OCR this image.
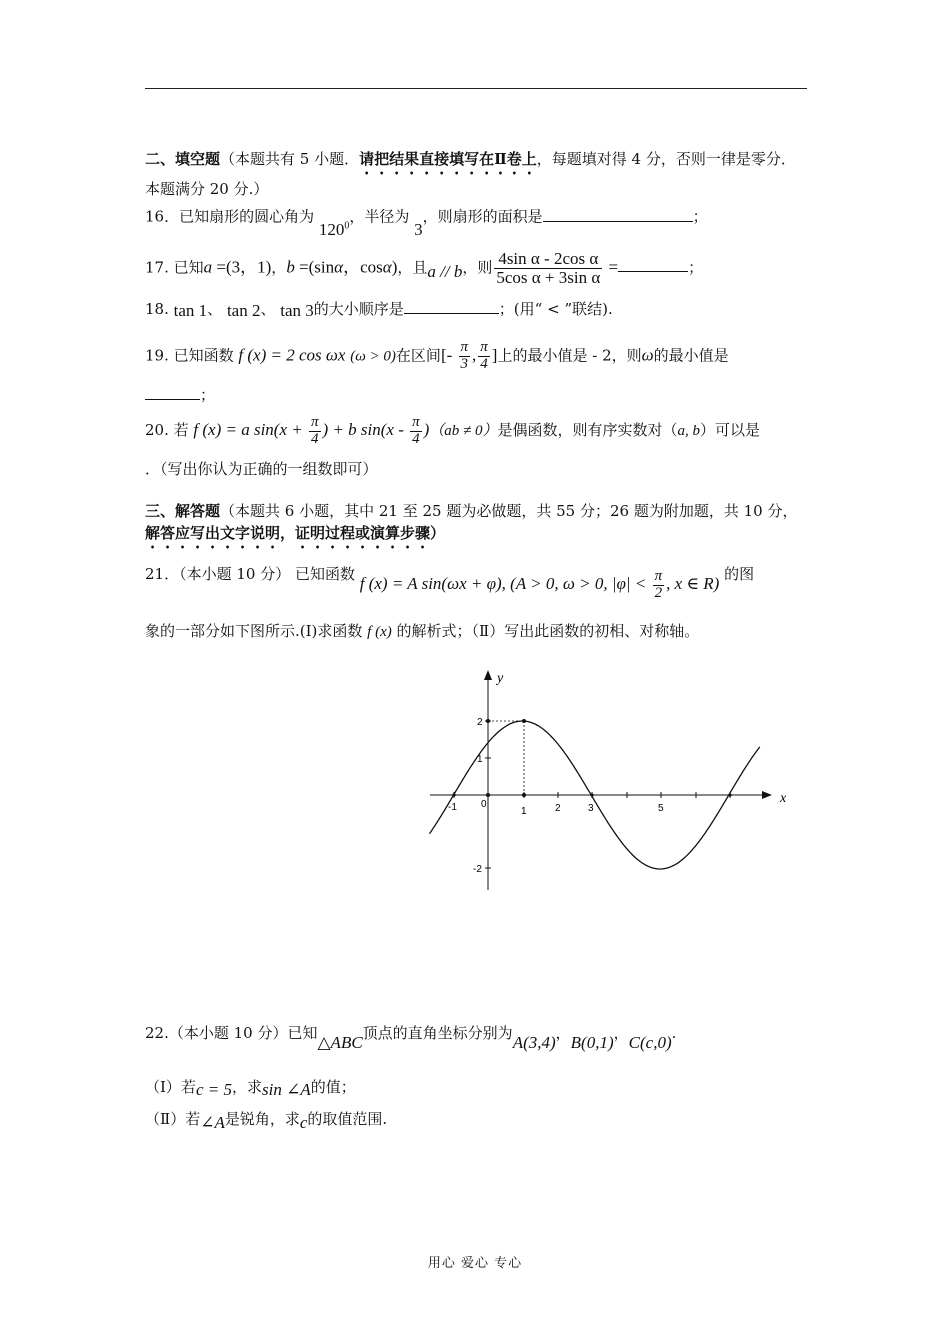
二、填空题（本题共有 5 小题．请把结果直接填写在Ⅱ卷上，每题填对得 4 分，否则一律是零分．本题满分 20 分.）
16．已知扇形的圆心角为 $120^0$，半径为 3，则扇形的面积是	；
17. 已知a =(3，1)，b =(sinα，cosα)，且a // b，则 $\frac{\text{4sin α - 2cos α}}{\text{5cos α + 3sin α}}$ =	；
18. tan 1、 tan 2、 tan 3的大小顺序是	；(用“ < ”联结).
19. 已知函数 f (x) = 2 cos ωx (ω > 0)在区间[- $\frac{\pi}{3}$ , $\frac{\pi}{4}$ ]上的最小值是 - 2，则ω的最小值是
；
20. 若 f (x) = a $\sin(x + \frac{\pi}{4}$ ) + b $\sin(x - \frac{\pi}{4} )(ab \ne 0)$是偶函数，则有序实数对（a, b）可以是
．（写出你认为正确的一组数即可）
三、解答题（本题共 6 小题，其中 21 至 25 题为必做题，共 55 分；26 题为附加题，共 10 分，解答应写出文字说明，证明过程或演算步骤）
21．（本小题 10 分） 已知函数 f (x) = A sin(ωx + φ), (A > 0, ω > 0, $|\varphi| < \frac{\pi}{2}$ , x ∈ R) 的图
象的一部分如下图所示.(Ⅰ)求函数 f (x) 的解析式；（Ⅱ）写出此函数的初相、对称轴。
x
y
-1	1	2	3	5
2
1
-2
0
22.（本小题 10 分）已知△ABC顶点的直角坐标分别为A(3,4)，B(0,1)，C(c,0).
（Ⅰ）若c = 5，求sin ∠A的值；
（Ⅱ）若∠A是锐角，求c的取值范围.
用心 爱心 专心
